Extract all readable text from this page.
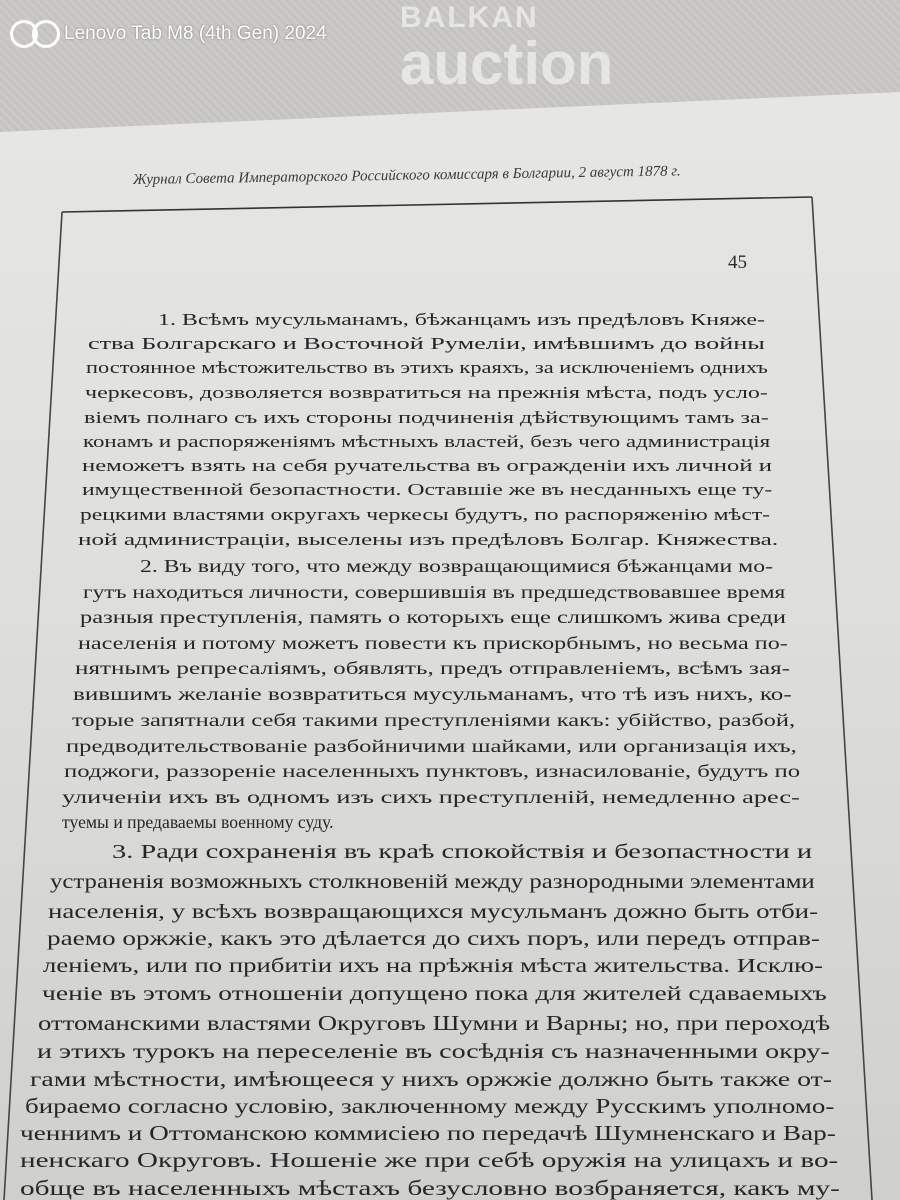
Журнал Совета Императорского Российского комиссаря в Болгарии, 2 август 1878 г.
45
1. Всѣмъ мусульманамъ, бѣжанцамъ изъ предѣловъ Княже-
ства Болгарскаго и Восточной Румеліи, имѣвшимъ до войны
постоянное мѣстожительство въ этихъ краяхъ, за исключеніемъ однихъ
черкесовъ, дозволяется возвратиться на прежнія мѣста, подъ усло-
віемъ полнаго съ ихъ стороны подчиненія дѣйствующимъ тамъ за-
конамъ и распоряженіямъ мѣстныхъ властей, безъ чего администрація
неможетъ взять на себя ручательства въ огражденіи ихъ личной и
имущественной безопастности. Оставшіе же въ несданныхъ еще ту-
рецкими властями округахъ черкесы будутъ, по распоряженію мѣст-
ной администраціи, выселены изъ предѣловъ Болгар. Княжества.
2. Въ виду того, что между возвращающимися бѣжанцами мо-
гутъ находиться личности, совершившія въ предшедствовавшее время
разныя преступленія, память о которыхъ еще слишкомъ жива среди
населенія и потому можетъ повести къ прискорбнымъ, но весьма по-
нятнымъ репресаліямъ, обявлять, предъ отправленіемъ, всѣмъ зая-
вившимъ желаніе возвратиться мусульманамъ, что тѣ изъ нихъ, ко-
торые запятнали себя такими преступленіями какъ: убійство, разбой,
предводительствованіе разбойничими шайками, или организація ихъ,
поджоги, раззореніе населенныхъ пунктовъ, изнасилованіе, будутъ по
уличеніи ихъ въ одномъ изъ сихъ преступленій, немедленно арес-
туемы и предаваемы военному суду.
3. Ради сохраненія въ краѣ спокойствія и безопастности и
устраненія возможныхъ столкновеній между разнородными элементами
населенія, у всѣхъ возвращающихся мусульманъ дожно быть отби-
раемо оржжіе, какъ это дѣлается до сихъ поръ, или передъ отправ-
леніемъ, или по прибитіи ихъ на прѣжнія мѣста жительства. Исклю-
ченіе въ этомъ отношеніи допущено пока для жителей сдаваемыхъ
оттоманскими властями Округовъ Шумни и Варны; но, при пероходѣ
и этихъ турокъ на переселеніе въ сосѣднія съ назначенными окру-
гами мѣстности, имѣющееся у нихъ оржжіе должно быть также от-
бираемо согласно условію, заключенному между Русскимъ уполномо-
ченнимъ и Оттоманскою коммисіею по передачѣ Шумненскаго и Вар-
ненскаго Округовъ. Ношеніе же при себѣ оружія на улицахъ и во-
обще въ населенныхъ мѣстахъ безусловно возбраняется, какъ му-
BALKAN
auction
Lenovo Tab M8 (4th Gen) 2024
